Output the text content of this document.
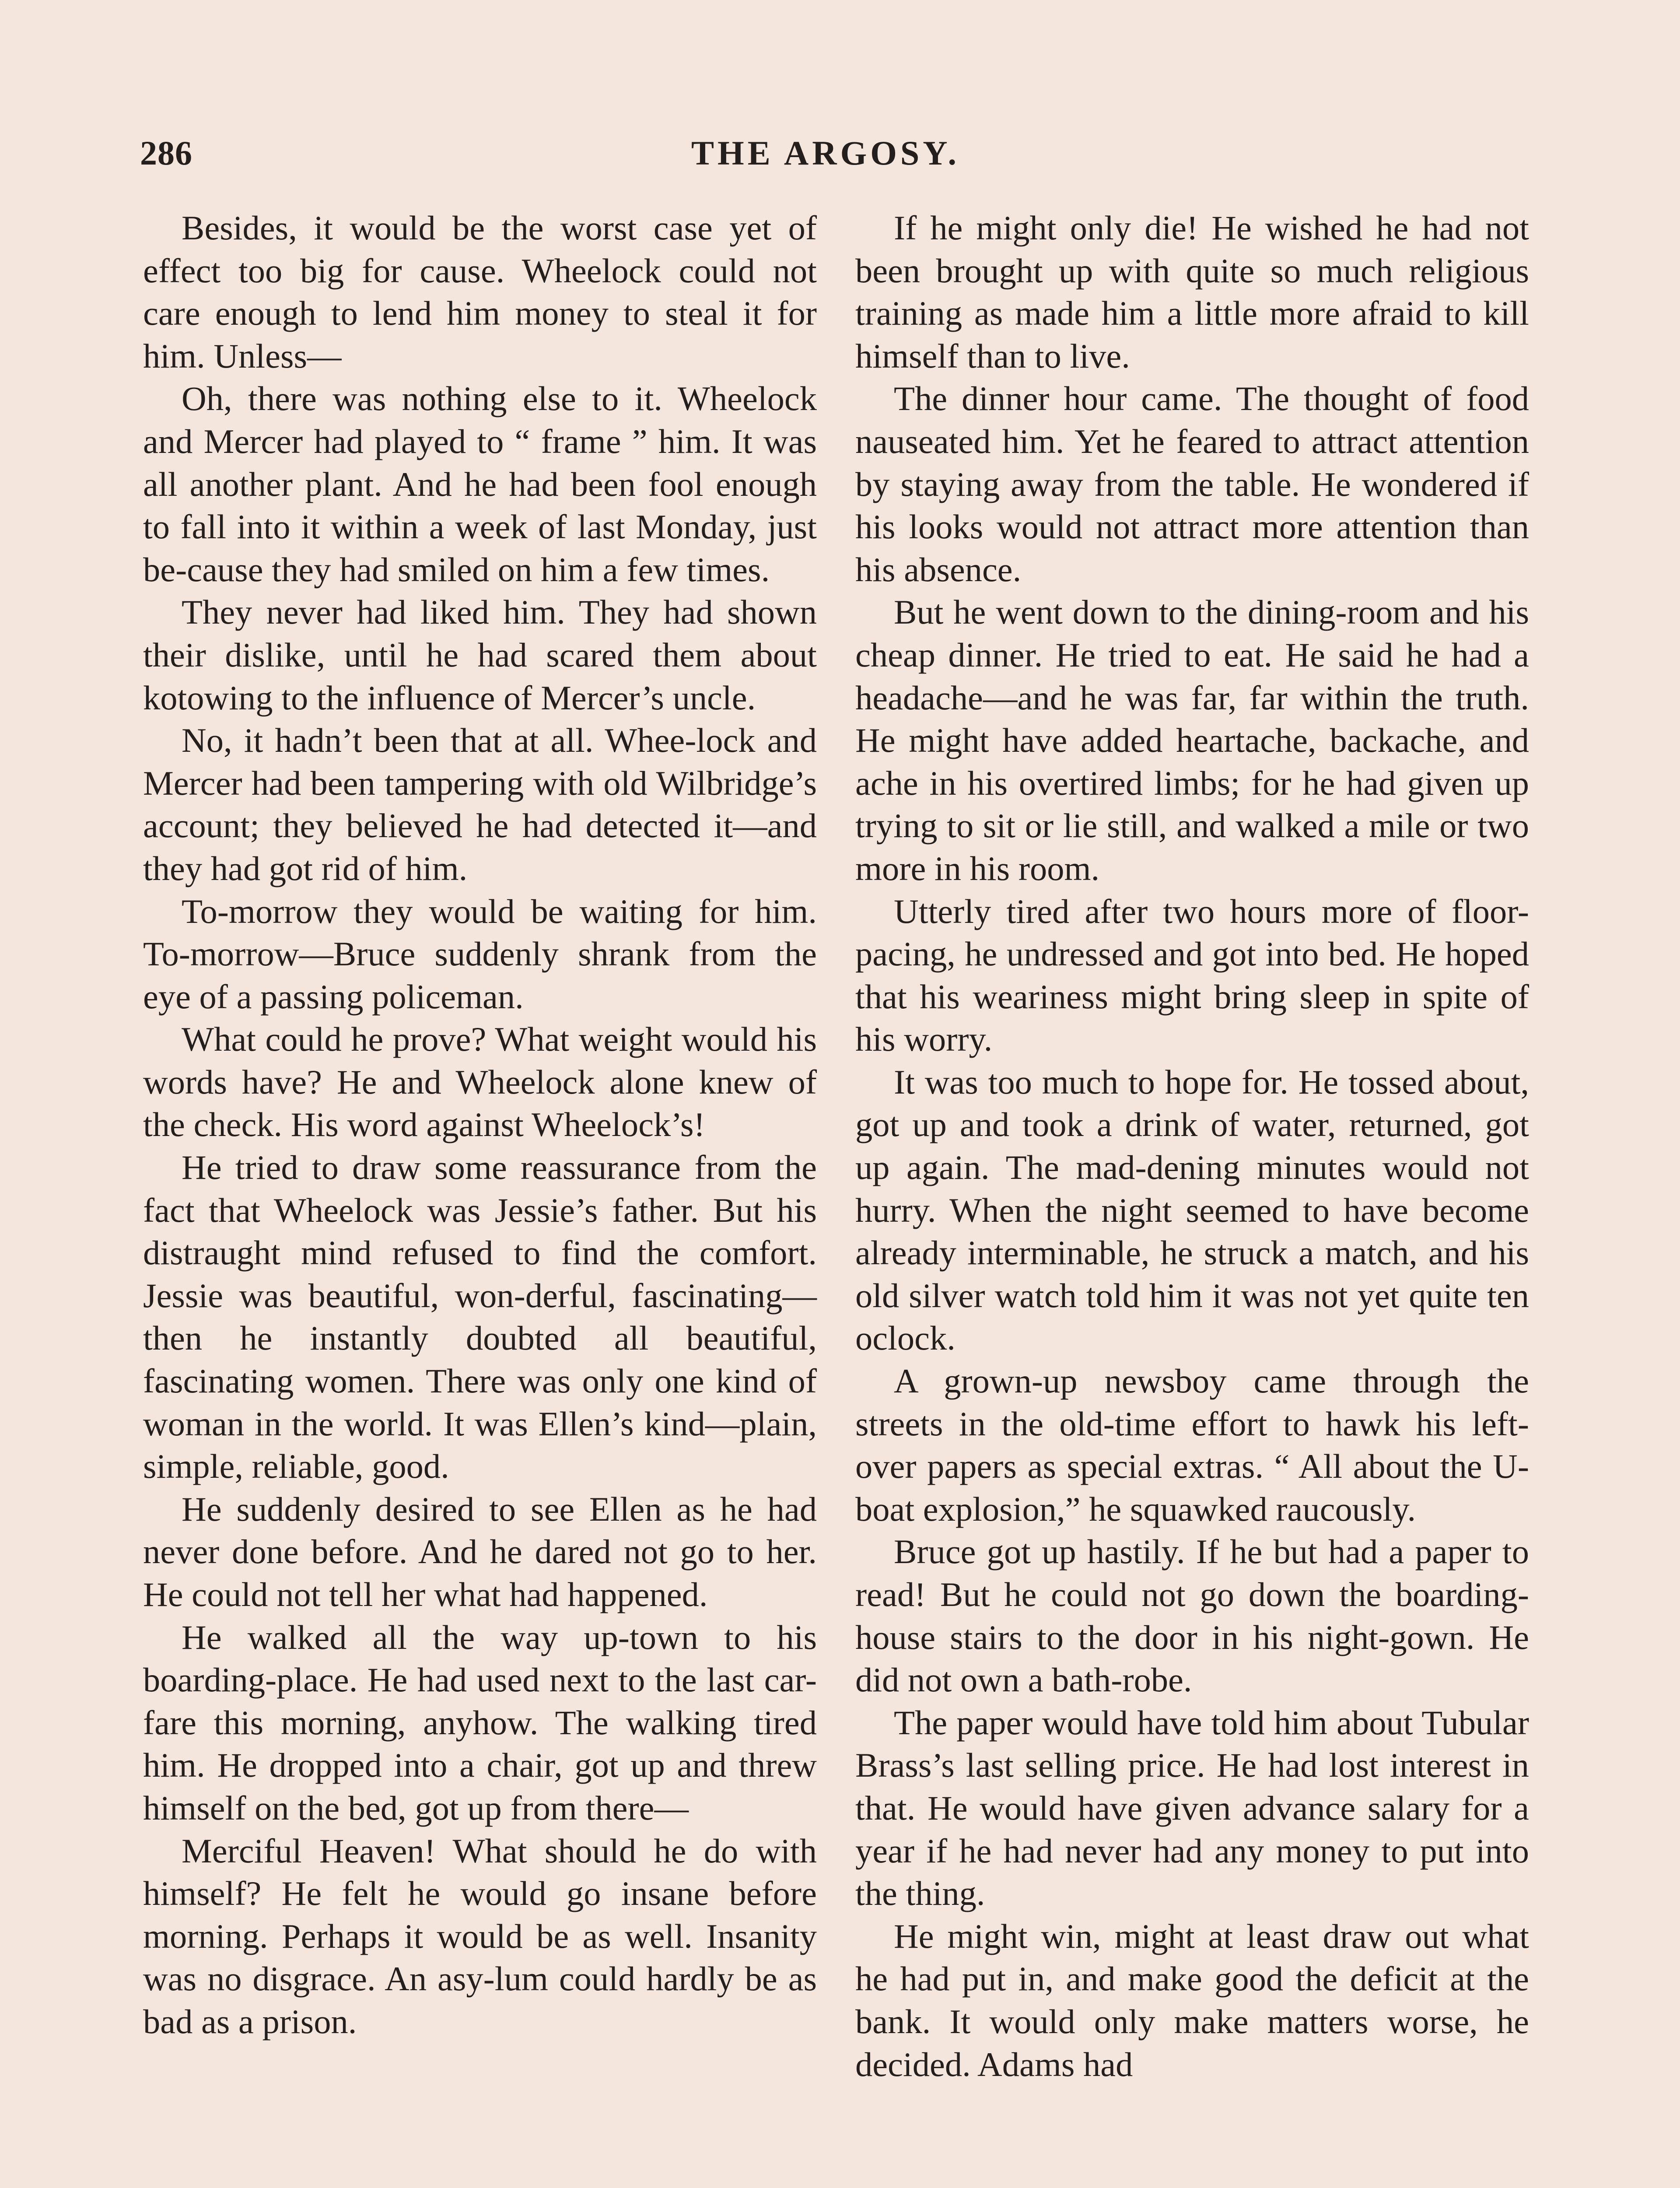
286	THE ARGOSY.

Besides, it would be the worst case yet of effect too big for cause. Wheelock could not care enough to lend him money to steal it for him. Unless—

Oh, there was nothing else to it. Wheelock and Mercer had played to “ frame ” him. It was all another plant. And he had been fool enough to fall into it within a week of last Monday, just be-cause they had smiled on him a few times.

They never had liked him. They had shown their dislike, until he had scared them about kotowing to the influence of Mercer’s uncle.

No, it hadn’t been that at all. Whee-lock and Mercer had been tampering with old Wilbridge’s account; they believed he had detected it—and they had got rid of him.

To-morrow they would be waiting for him. To-morrow—Bruce suddenly shrank from the eye of a passing policeman.

What could he prove? What weight would his words have? He and Wheelock alone knew of the check. His word against Wheelock’s!

He tried to draw some reassurance from the fact that Wheelock was Jessie’s father. But his distraught mind refused to find the comfort. Jessie was beautiful, won-derful, fascinating—then he instantly doubted all beautiful, fascinating women. There was only one kind of woman in the world. It was Ellen’s kind—plain, simple, reliable, good.

He suddenly desired to see Ellen as he had never done before. And he dared not go to her. He could not tell her what had happened.

He walked all the way up-town to his boarding-place. He had used next to the last car-fare this morning, anyhow. The walking tired him. He dropped into a chair, got up and threw himself on the bed, got up from there—

Merciful Heaven! What should he do with himself? He felt he would go insane before morning. Perhaps it would be as well. Insanity was no disgrace. An asy-lum could hardly be as bad as a prison.

If he might only die! He wished he had not been brought up with quite so much religious training as made him a little more afraid to kill himself than to live.

The dinner hour came. The thought of food nauseated him. Yet he feared to attract attention by staying away from the table. He wondered if his looks would not attract more attention than his absence.

But he went down to the dining-room and his cheap dinner. He tried to eat. He said he had a headache—and he was far, far within the truth. He might have added heartache, backache, and ache in his overtired limbs; for he had given up trying to sit or lie still, and walked a mile or two more in his room.

Utterly tired after two hours more of floor-pacing, he undressed and got into bed. He hoped that his weariness might bring sleep in spite of his worry.

It was too much to hope for. He tossed about, got up and took a drink of water, returned, got up again. The mad-dening minutes would not hurry. When the night seemed to have become already interminable, he struck a match, and his old silver watch told him it was not yet quite ten oclock.

A grown-up newsboy came through the streets in the old-time effort to hawk his left-over papers as special extras. “ All about the U-boat explosion,” he squawked raucously.

Bruce got up hastily. If he but had a paper to read! But he could not go down the boarding-house stairs to the door in his night-gown. He did not own a bath-robe.

The paper would have told him about Tubular Brass’s last selling price. He had lost interest in that. He would have given advance salary for a year if he had never had any money to put into the thing.

He might win, might at least draw out what he had put in, and make good the deficit at the bank. It would only make matters worse, he decided. Adams had
